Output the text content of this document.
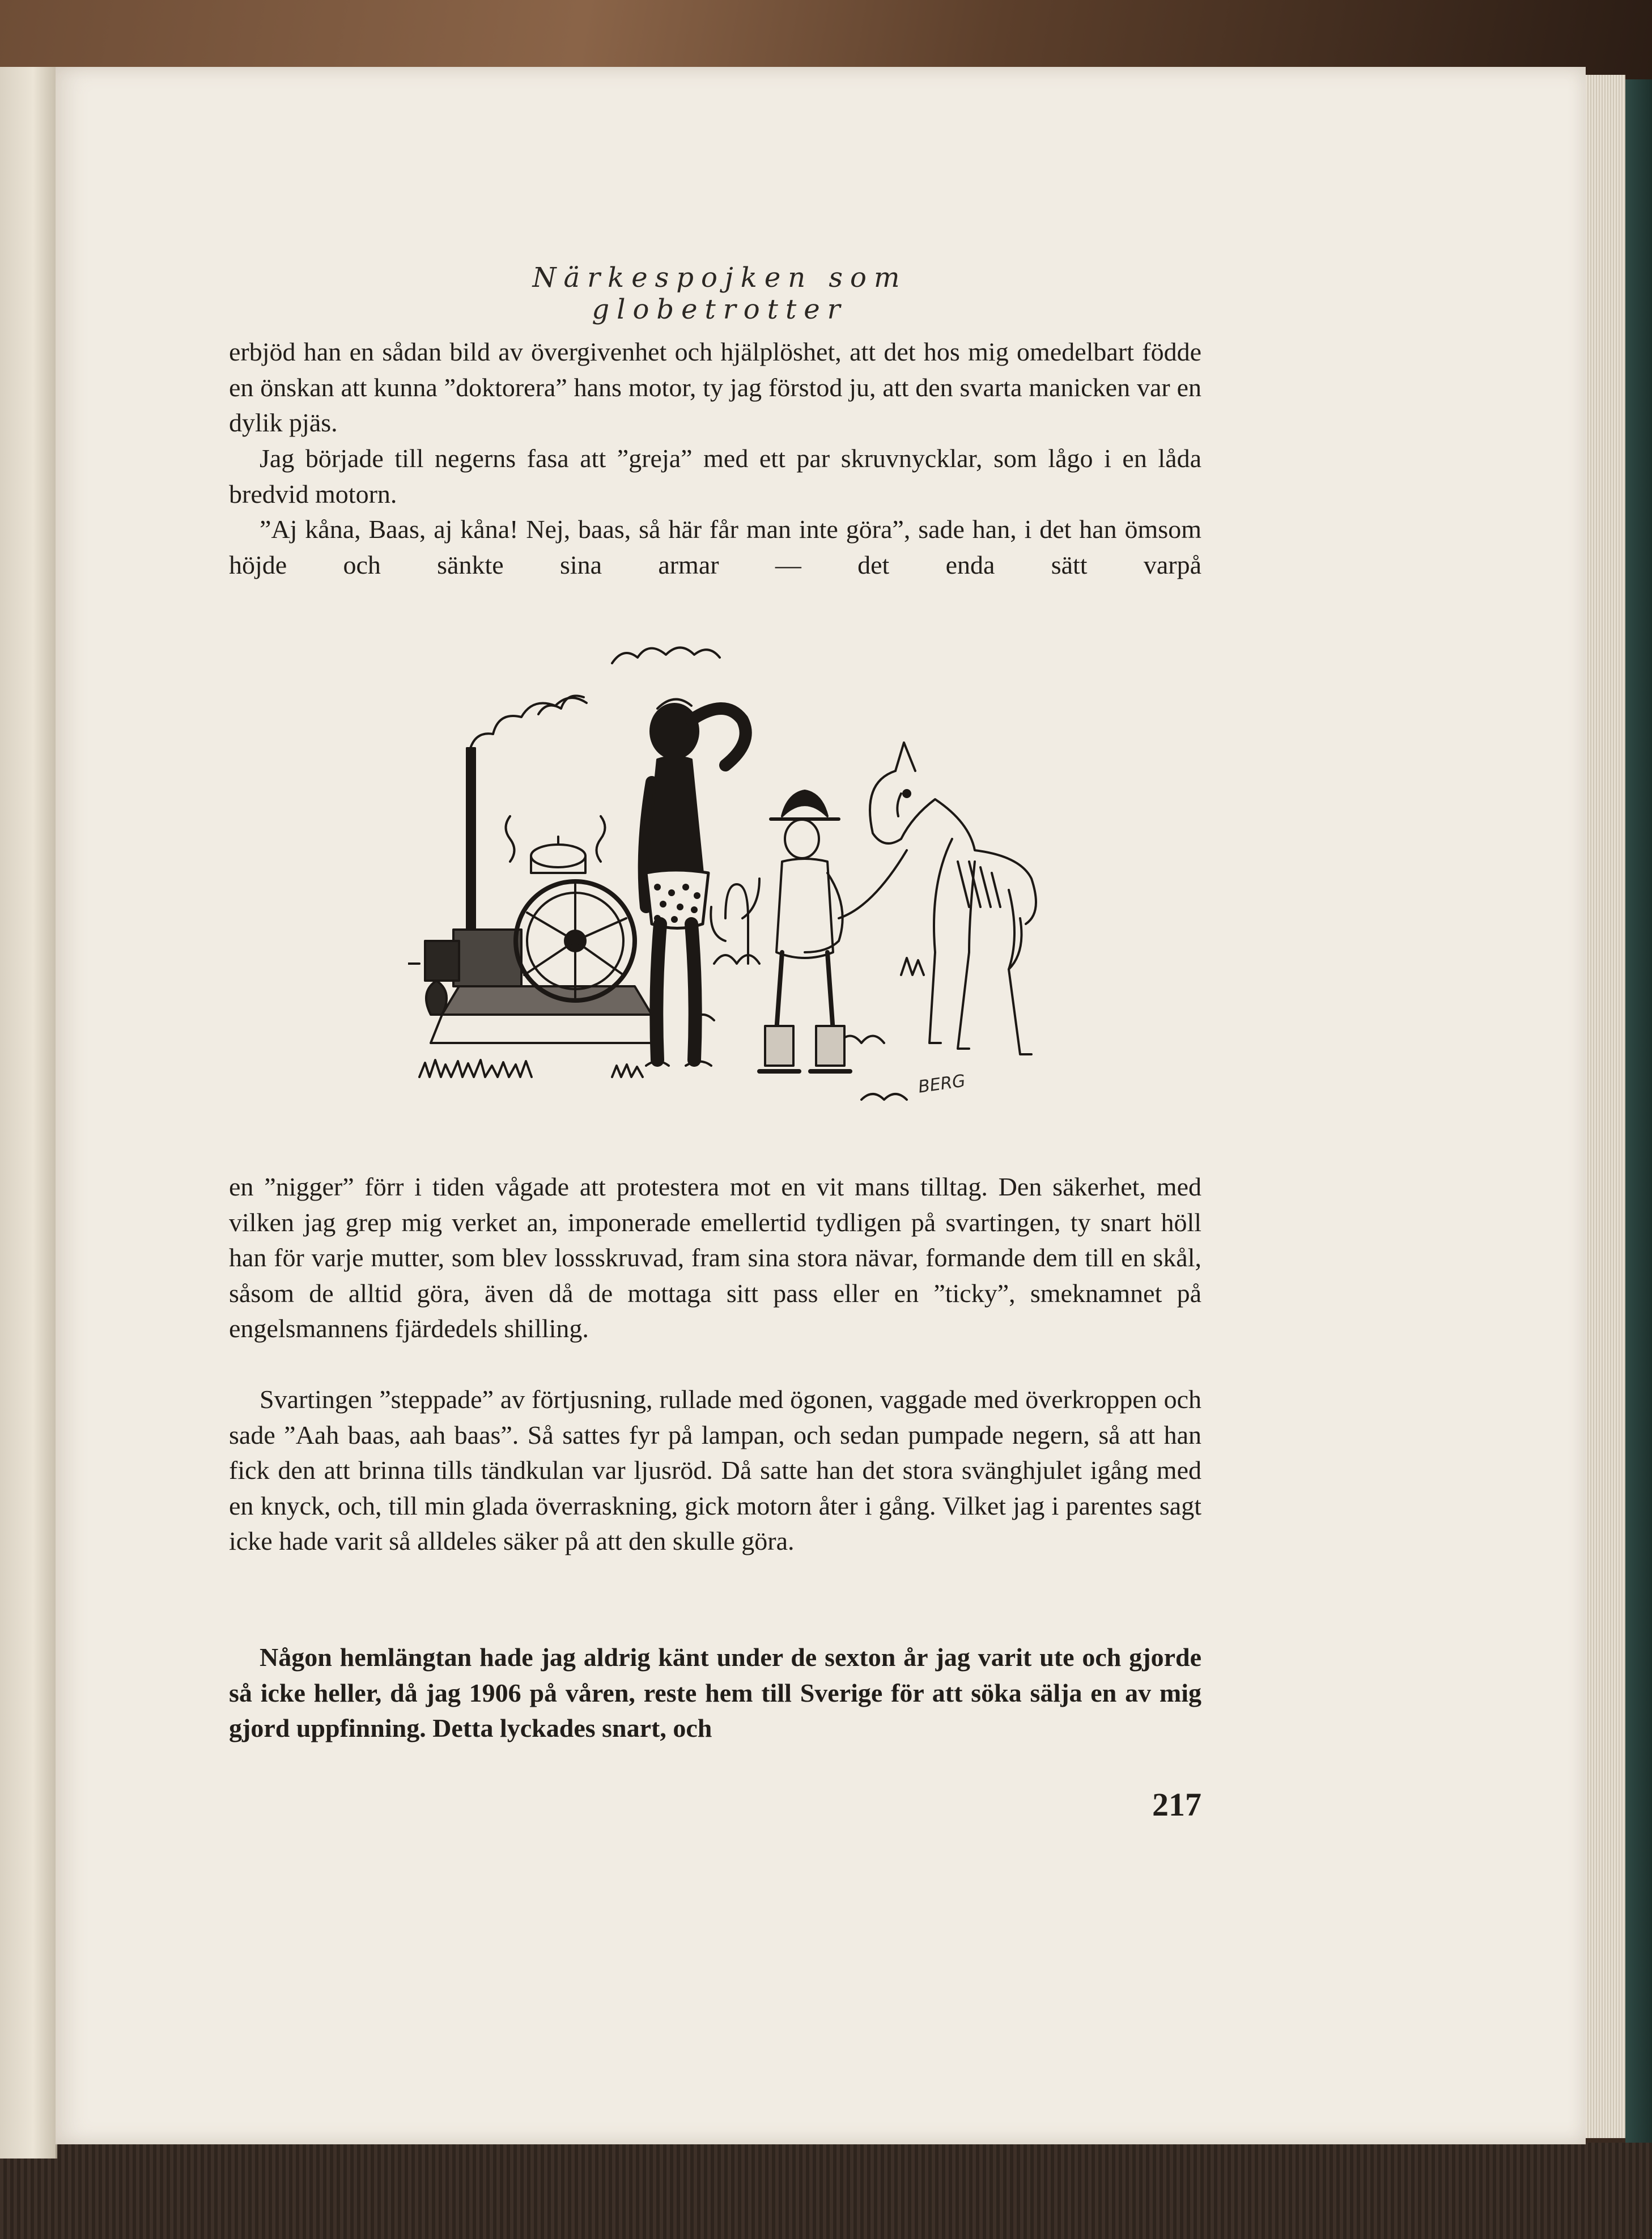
Närkespojken som globetrotter

erbjöd han en sådan bild av övergivenhet och hjälplöshet, att det hos mig omedelbart födde en önskan att kunna ”doktorera” hans motor, ty jag förstod ju, att den svarta manicken var en dylik pjäs.

Jag började till negerns fasa att ”greja” med ett par skruvnycklar, som lågo i en låda bredvid motorn.

”Aj kåna, Baas, aj kåna! Nej, baas, så här får man inte göra”, sade han, i det han ömsom höjde och sänkte sina armar — det enda sätt varpå

BERG

en ”nigger” förr i tiden vågade att protestera mot en vit mans tilltag. Den säkerhet, med vilken jag grep mig verket an, imponerade emellertid tydligen på svartingen, ty snart höll han för varje mutter, som blev lossskruvad, fram sina stora nävar, formande dem till en skål, såsom de alltid göra, även då de mottaga sitt pass eller en ”ticky”, smeknamnet på engelsmannens fjärdedels shilling.

Svartingen ”steppade” av förtjusning, rullade med ögonen, vaggade med överkroppen och sade ”Aah baas, aah baas”. Så sattes fyr på lampan, och sedan pumpade negern, så att han fick den att brinna tills tändkulan var ljusröd. Då satte han det stora svänghjulet igång med en knyck, och, till min glada överraskning, gick motorn åter i gång. Vilket jag i parentes sagt icke hade varit så alldeles säker på att den skulle göra.

Någon hemlängtan hade jag aldrig känt under de sexton år jag varit ute och gjorde så icke heller, då jag 1906 på våren, reste hem till Sverige för att söka sälja en av mig gjord uppfinning. Detta lyckades snart, och

217
